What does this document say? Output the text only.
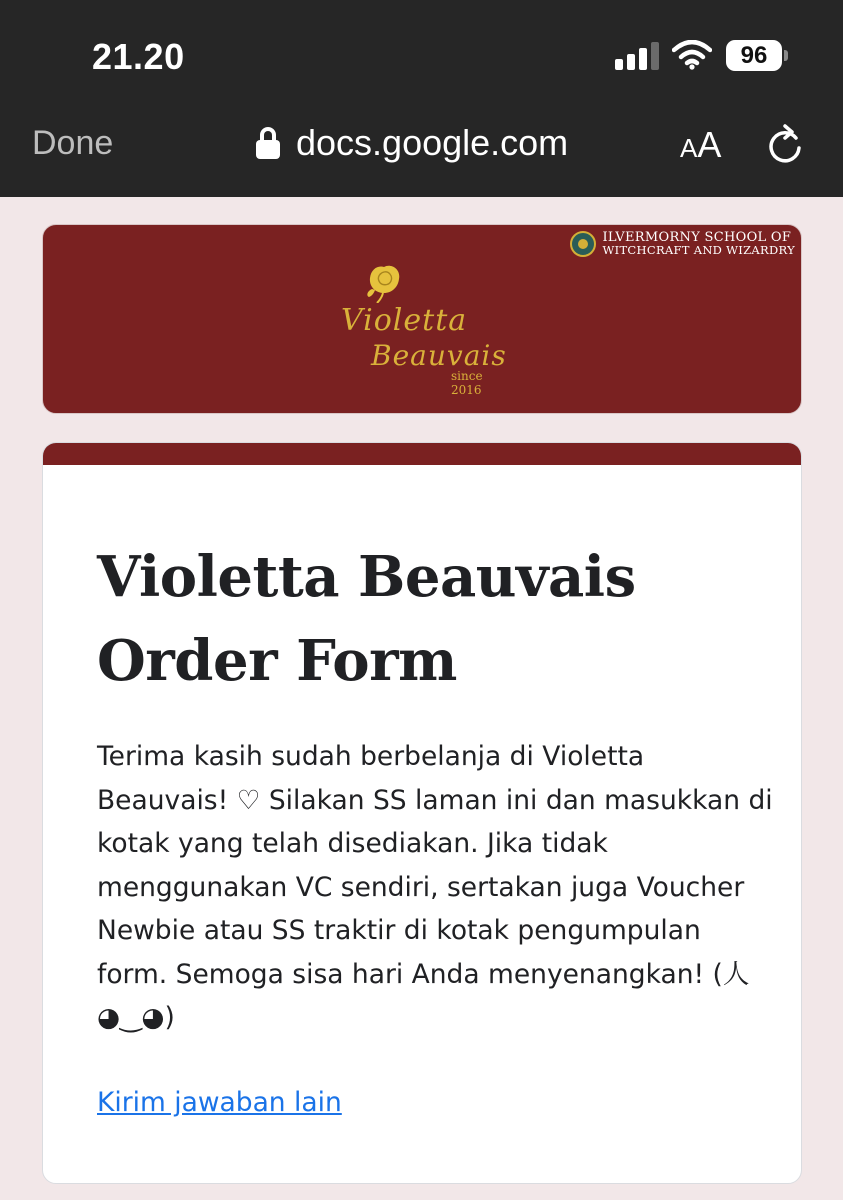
21.20	96
Done	docs.google.com	AA
ILVERMORNY SCHOOL OF
WITCHCRAFT AND WIZARDRY
Violetta
Beauvais
since 2016
Violetta Beauvais Order Form

Terima kasih sudah berbelanja di Violetta Beauvais! ♡ Silakan SS laman ini dan masukkan di kotak yang telah disediakan. Jika tidak menggunakan VC sendiri, sertakan juga Voucher Newbie atau SS traktir di kotak pengumpulan form. Semoga sisa hari Anda menyenangkan! (人 ◕‿◕)

Kirim jawaban lain
